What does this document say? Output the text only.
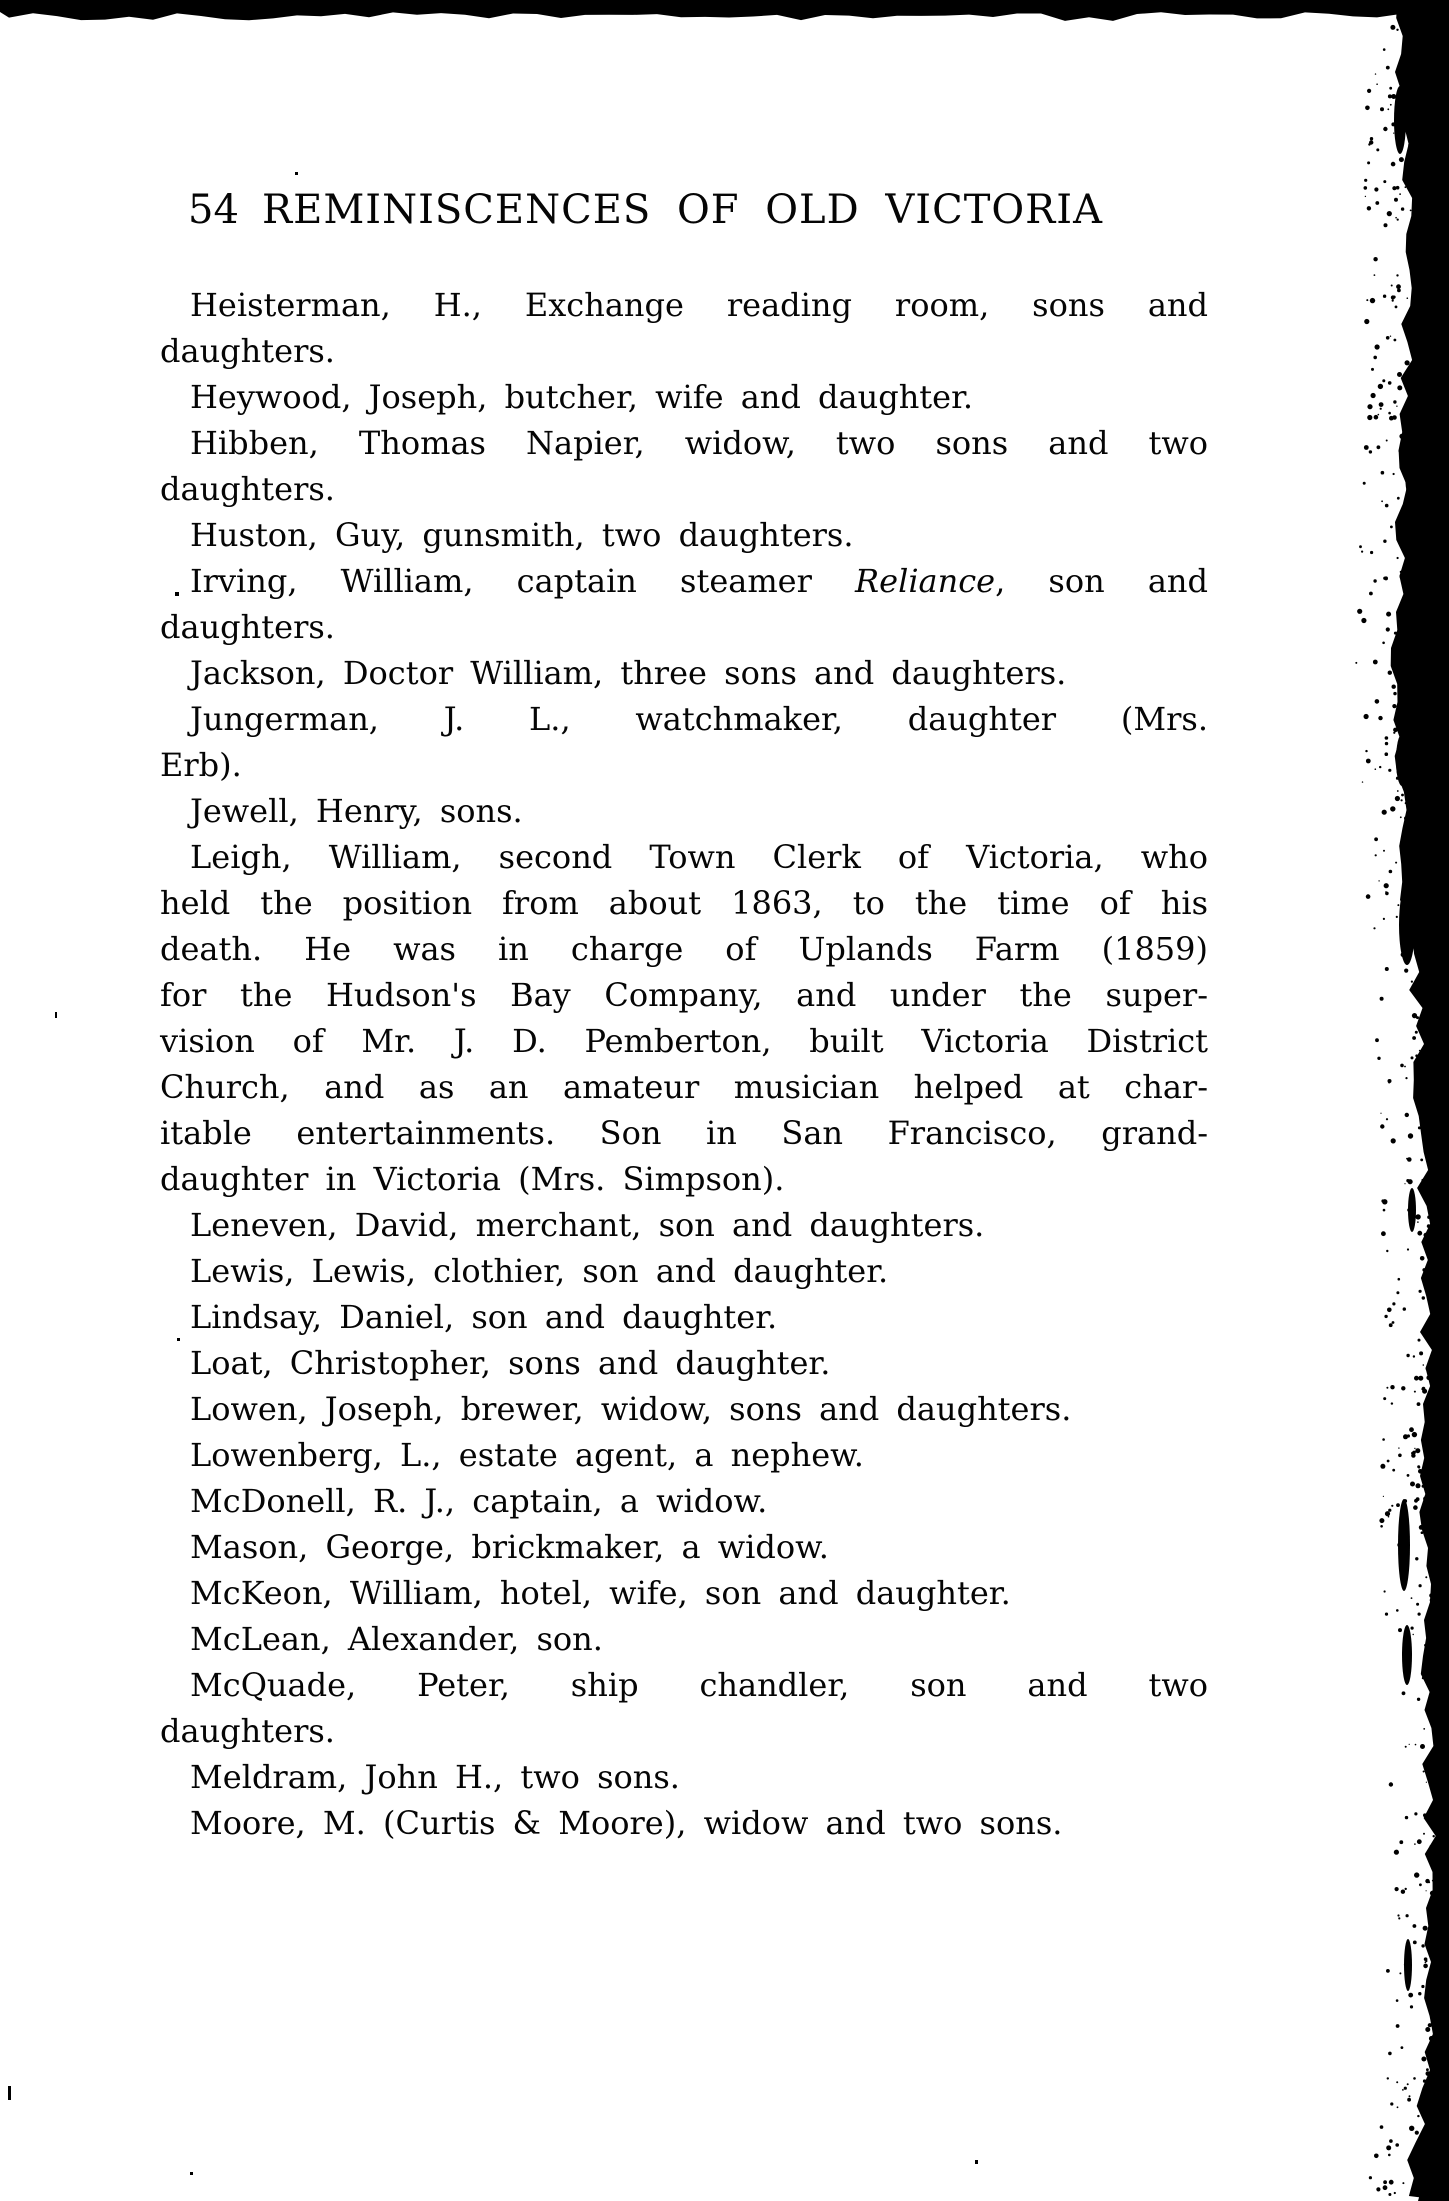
54 REMINISCENCES OF OLD VICTORIA
Heisterman, H., Exchange reading room, sons and
daughters.
Heywood, Joseph, butcher, wife and daughter.
Hibben, Thomas Napier, widow, two sons and two
daughters.
Huston, Guy, gunsmith, two daughters.
Irving, William, captain steamer Reliance, son and
daughters.
Jackson, Doctor William, three sons and daughters.
Jungerman, J. L., watchmaker, daughter (Mrs.
Erb).
Jewell, Henry, sons.
Leigh, William, second Town Clerk of Victoria, who
held the position from about 1863, to the time of his
death. He was in charge of Uplands Farm (1859)
for the Hudson's Bay Company, and under the super-
vision of Mr. J. D. Pemberton, built Victoria District
Church, and as an amateur musician helped at char-
itable entertainments. Son in San Francisco, grand-
daughter in Victoria (Mrs. Simpson).
Leneven, David, merchant, son and daughters.
Lewis, Lewis, clothier, son and daughter.
Lindsay, Daniel, son and daughter.
Loat, Christopher, sons and daughter.
Lowen, Joseph, brewer, widow, sons and daughters.
Lowenberg, L., estate agent, a nephew.
McDonell, R. J., captain, a widow.
Mason, George, brickmaker, a widow.
McKeon, William, hotel, wife, son and daughter.
McLean, Alexander, son.
McQuade, Peter, ship chandler, son and two
daughters.
Meldram, John H., two sons.
Moore, M. (Curtis & Moore), widow and two sons.
